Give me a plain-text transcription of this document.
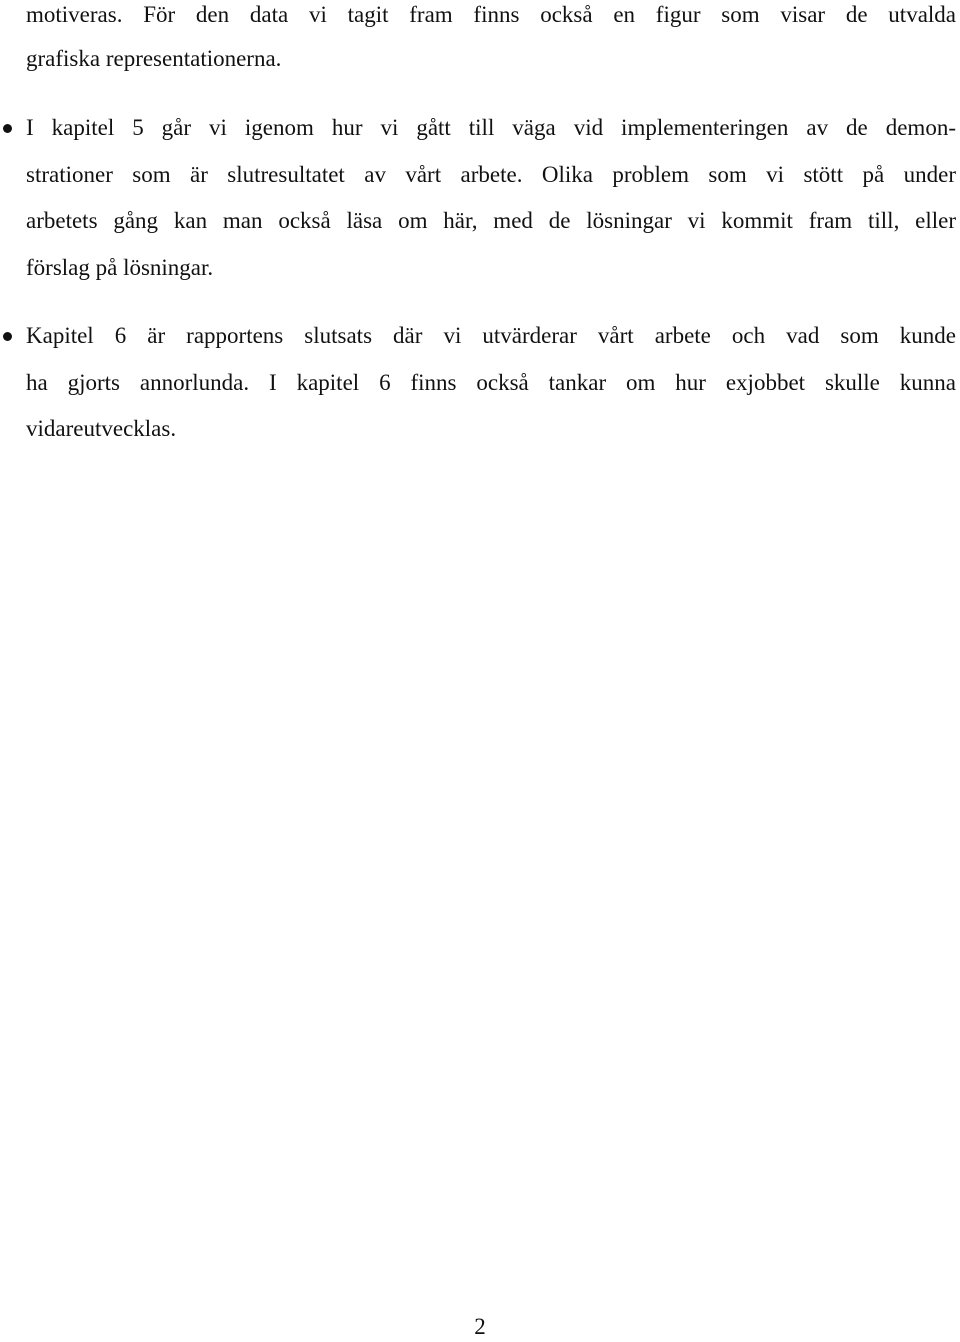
motiveras. För den data vi tagit fram finns också en figur som visar de utvalda
grafiska representationerna.
I kapitel 5 går vi igenom hur vi gått till väga vid implementeringen av de demon-
strationer som är slutresultatet av vårt arbete. Olika problem som vi stött på under
arbetets gång kan man också läsa om här, med de lösningar vi kommit fram till, eller
förslag på lösningar.
Kapitel 6 är rapportens slutsats där vi utvärderar vårt arbete och vad som kunde
ha gjorts annorlunda. I kapitel 6 finns också tankar om hur exjobbet skulle kunna
vidareutvecklas.
2
